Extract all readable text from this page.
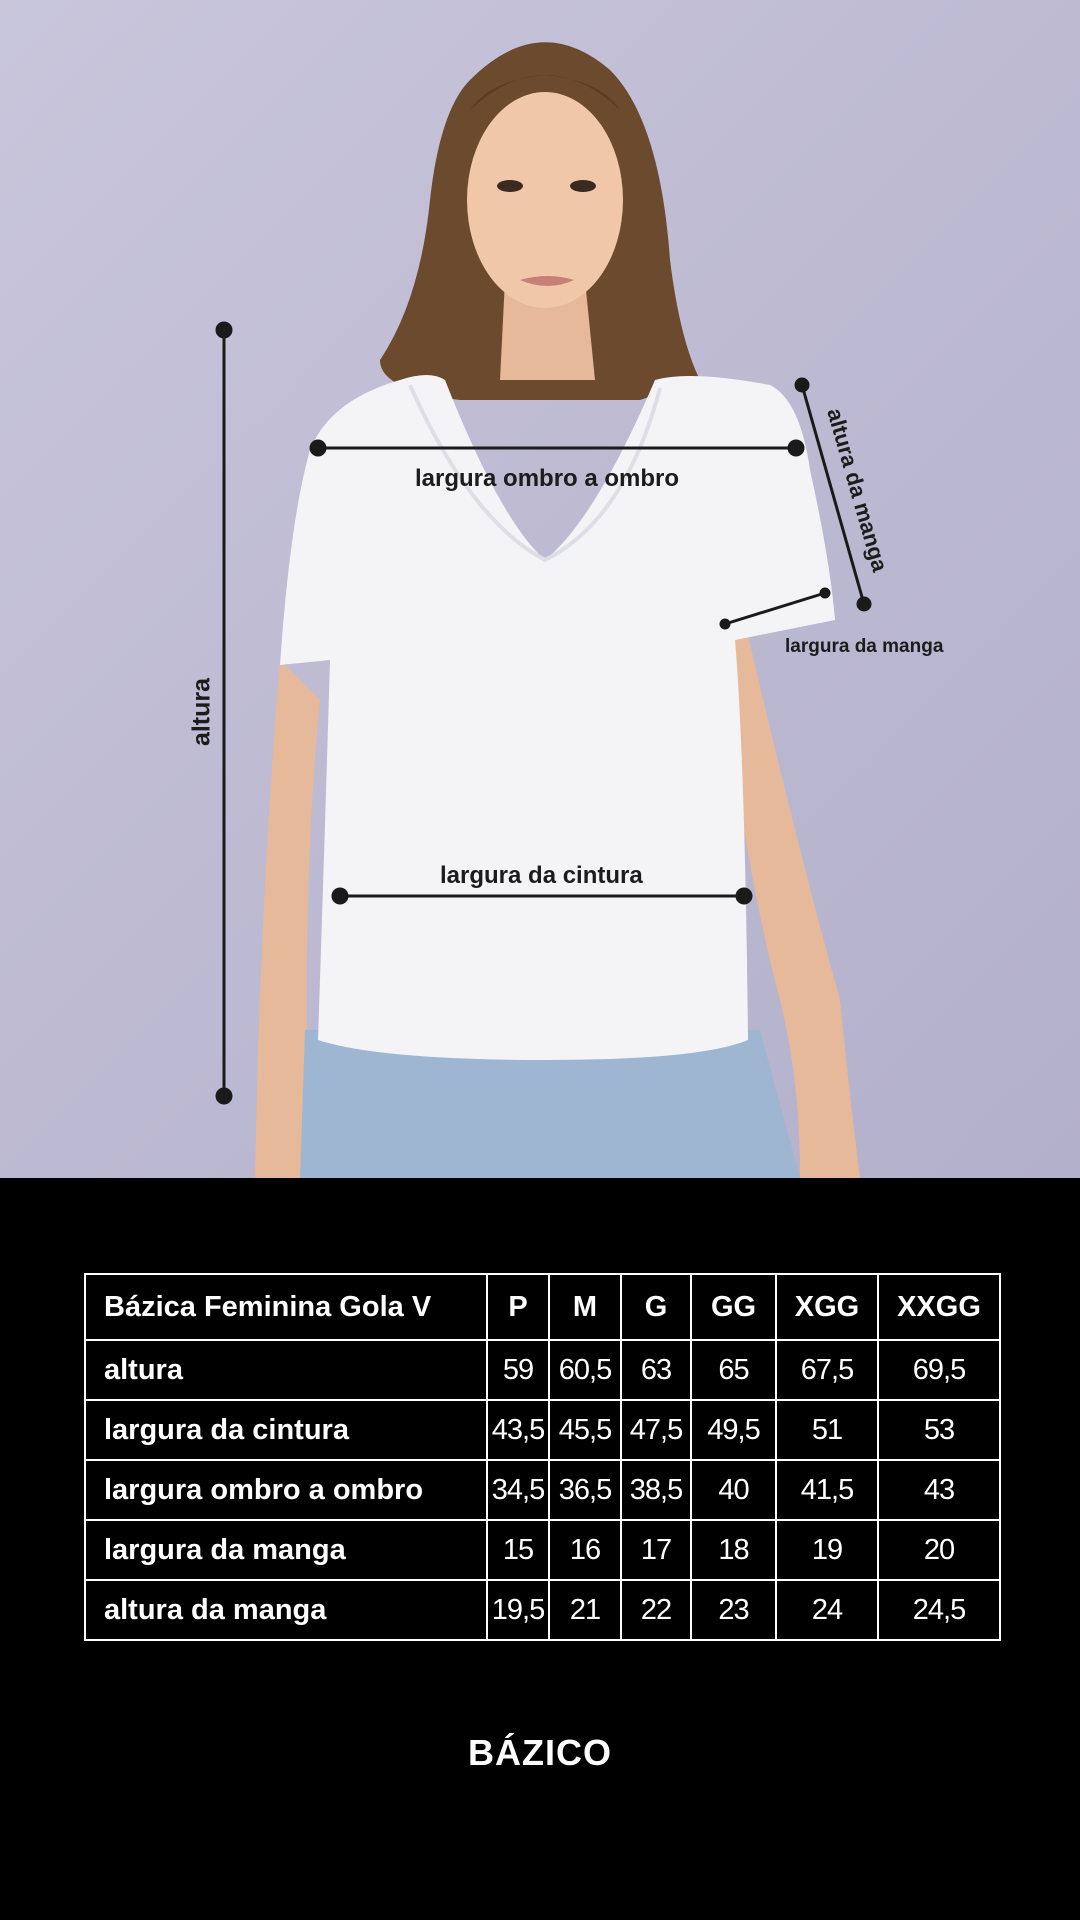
altura
largura ombro a ombro
largura da cintura
altura da manga
largura da manga
Bázica Feminina Gola V	P	M	G	GG	XGG	XXGG
altura	59	60,5	63	65	67,5	69,5
largura da cintura	43,5	45,5	47,5	49,5	51	53
largura ombro a ombro	34,5	36,5	38,5	40	41,5	43
largura da manga	15	16	17	18	19	20
altura da manga	19,5	21	22	23	24	24,5
BÁZICO
